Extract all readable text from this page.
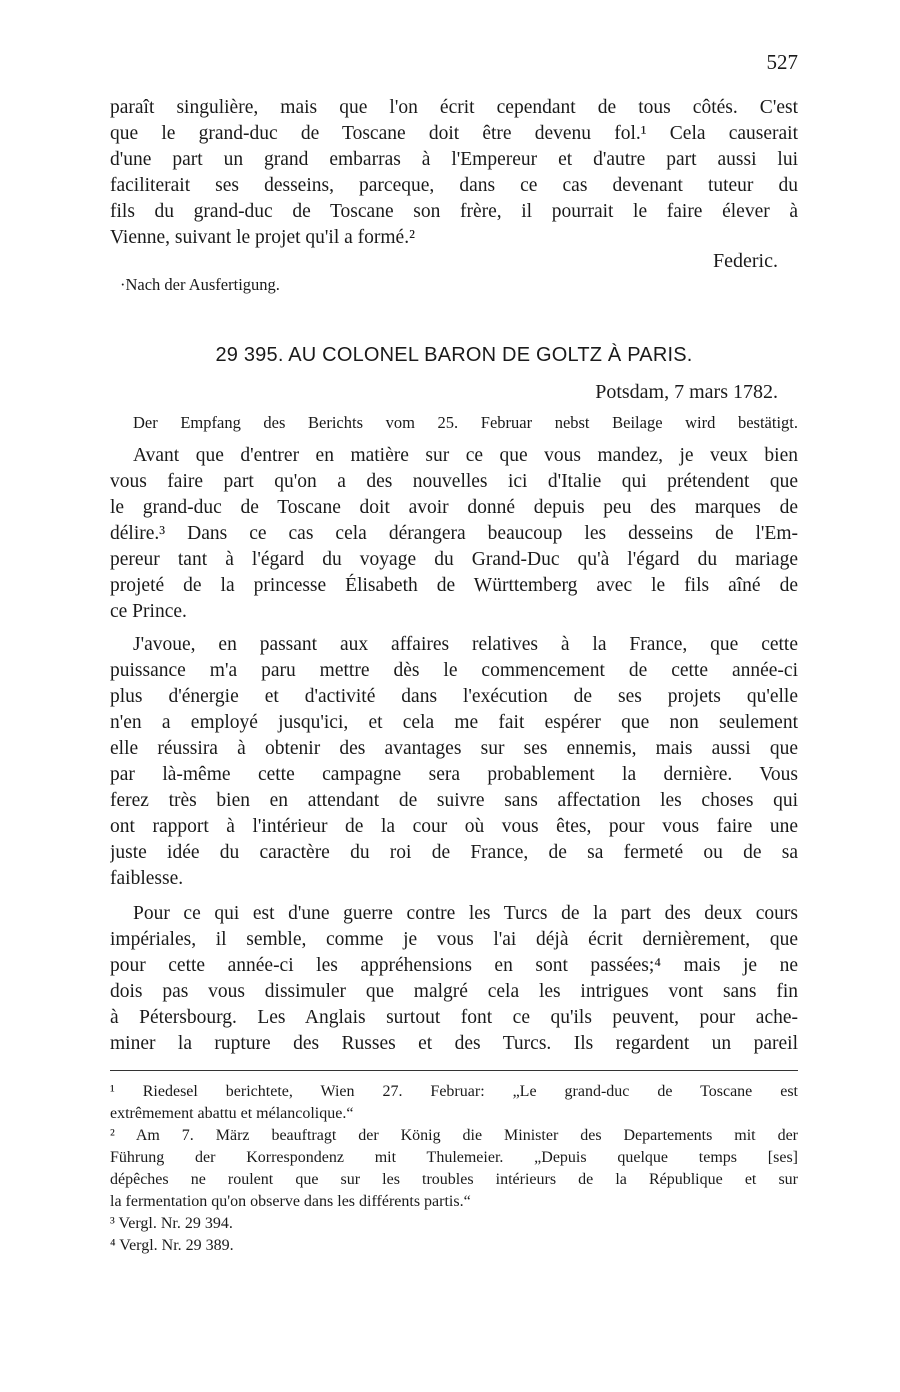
527
paraît singulière, mais que l'on écrit cependant de tous côtés. C'est
que le grand-duc de Toscane doit être devenu fol.¹ Cela causerait
d'une part un grand embarras à l'Empereur et d'autre part aussi lui
faciliterait ses desseins, parceque, dans ce cas devenant tuteur du
fils du grand-duc de Toscane son frère, il pourrait le faire élever à
Vienne, suivant le projet qu'il a formé.²
Federic.
·Nach der Ausfertigung.
29 395. AU COLONEL BARON DE GOLTZ À PARIS.
Potsdam, 7 mars 1782.
Der Empfang des Berichts vom 25. Februar nebst Beilage wird bestätigt.
Avant que d'entrer en matière sur ce que vous mandez, je veux bien
vous faire part qu'on a des nouvelles ici d'Italie qui prétendent que
le grand-duc de Toscane doit avoir donné depuis peu des marques de
délire.³ Dans ce cas cela dérangera beaucoup les desseins de l'Em-
pereur tant à l'égard du voyage du Grand-Duc qu'à l'égard du mariage
projeté de la princesse Élisabeth de Württemberg avec le fils aîné de
ce Prince.
J'avoue, en passant aux affaires relatives à la France, que cette
puissance m'a paru mettre dès le commencement de cette année-ci
plus d'énergie et d'activité dans l'exécution de ses projets qu'elle
n'en a employé jusqu'ici, et cela me fait espérer que non seulement
elle réussira à obtenir des avantages sur ses ennemis, mais aussi que
par là-même cette campagne sera probablement la dernière. Vous
ferez très bien en attendant de suivre sans affectation les choses qui
ont rapport à l'intérieur de la cour où vous êtes, pour vous faire une
juste idée du caractère du roi de France, de sa fermeté ou de sa
faiblesse.
Pour ce qui est d'une guerre contre les Turcs de la part des deux cours
impériales, il semble, comme je vous l'ai déjà écrit dernièrement, que
pour cette année-ci les appréhensions en sont passées;⁴ mais je ne
dois pas vous dissimuler que malgré cela les intrigues vont sans fin
à Pétersbourg. Les Anglais surtout font ce qu'ils peuvent, pour ache-
miner la rupture des Russes et des Turcs. Ils regardent un pareil
¹ Riedesel berichtete, Wien 27. Februar: „Le grand-duc de Toscane est
extrêmement abattu et mélancolique.“
² Am 7. März beauftragt der König die Minister des Departements mit der
Führung der Korrespondenz mit Thulemeier. „Depuis quelque temps [ses]
dépêches ne roulent que sur les troubles intérieurs de la République et sur
la fermentation qu'on observe dans les différents partis.“
³ Vergl. Nr. 29 394.
⁴ Vergl. Nr. 29 389.
